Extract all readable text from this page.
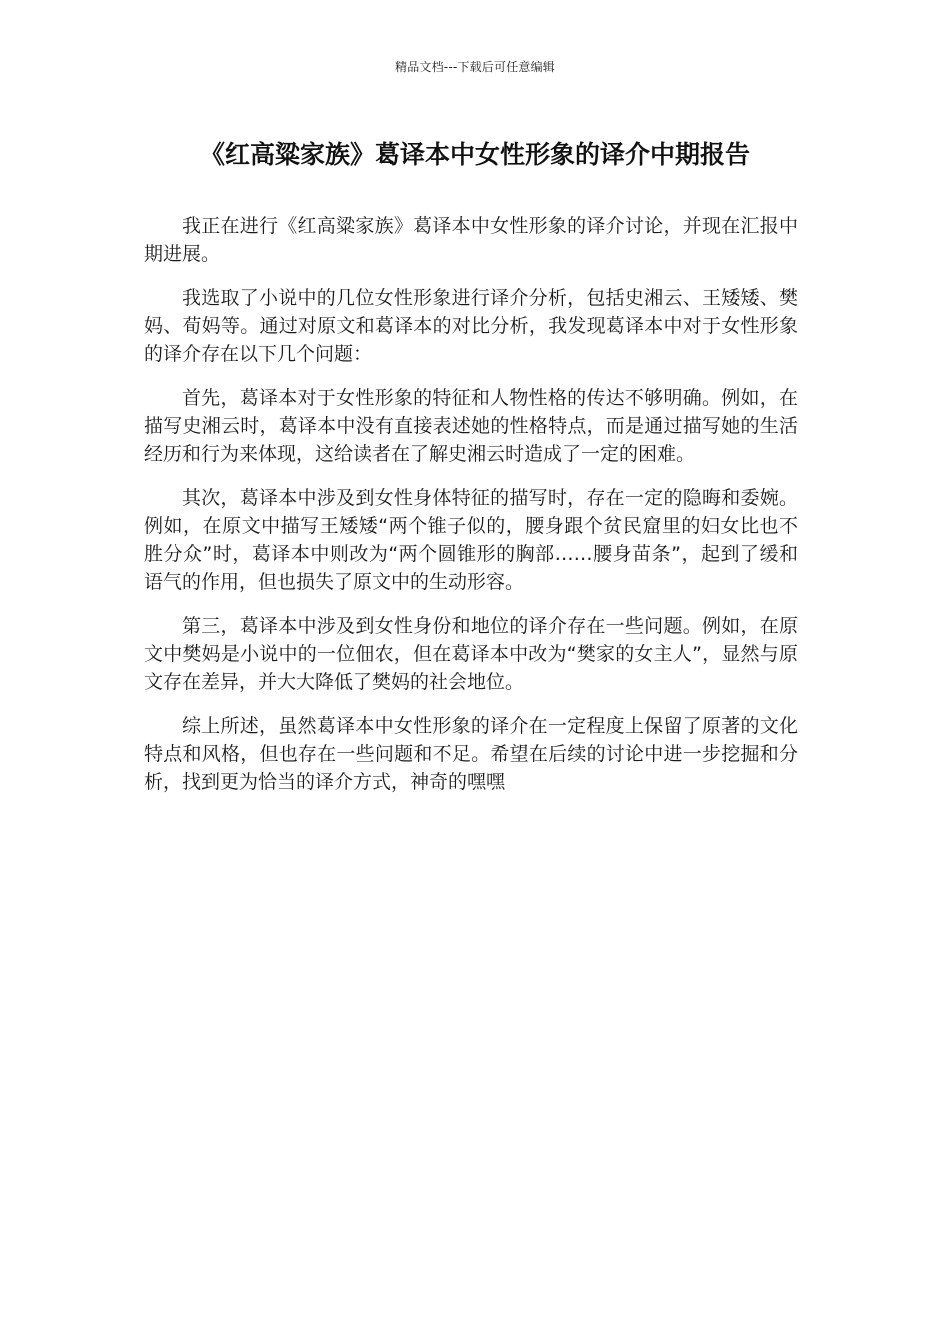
精品文档---下载后可任意编辑
《红高粱家族》葛译本中女性形象的译介中期报告

我正在进行《红高粱家族》葛译本中女性形象的译介讨论，并现在汇报中期进展。

我选取了小说中的几位女性形象进行译介分析，包括史湘云、王矮矮、樊妈、荀妈等。通过对原文和葛译本的对比分析，我发现葛译本中对于女性形象的译介存在以下几个问题：

首先，葛译本对于女性形象的特征和人物性格的传达不够明确。例如，在描写史湘云时，葛译本中没有直接表述她的性格特点，而是通过描写她的生活经历和行为来体现，这给读者在了解史湘云时造成了一定的困难。

其次，葛译本中涉及到女性身体特征的描写时，存在一定的隐晦和委婉。例如，在原文中描写王矮矮“两个锥子似的，腰身跟个贫民窟里的妇女比也不胜分众”时，葛译本中则改为“两个圆锥形的胸部……腰身苗条”，起到了缓和语气的作用，但也损失了原文中的生动形容。

第三，葛译本中涉及到女性身份和地位的译介存在一些问题。例如，在原文中樊妈是小说中的一位佃农，但在葛译本中改为“樊家的女主人”，显然与原文存在差异，并大大降低了樊妈的社会地位。

综上所述，虽然葛译本中女性形象的译介在一定程度上保留了原著的文化特点和风格，但也存在一些问题和不足。希望在后续的讨论中进一步挖掘和分析，找到更为恰当的译介方式，神奇的嘿嘿
